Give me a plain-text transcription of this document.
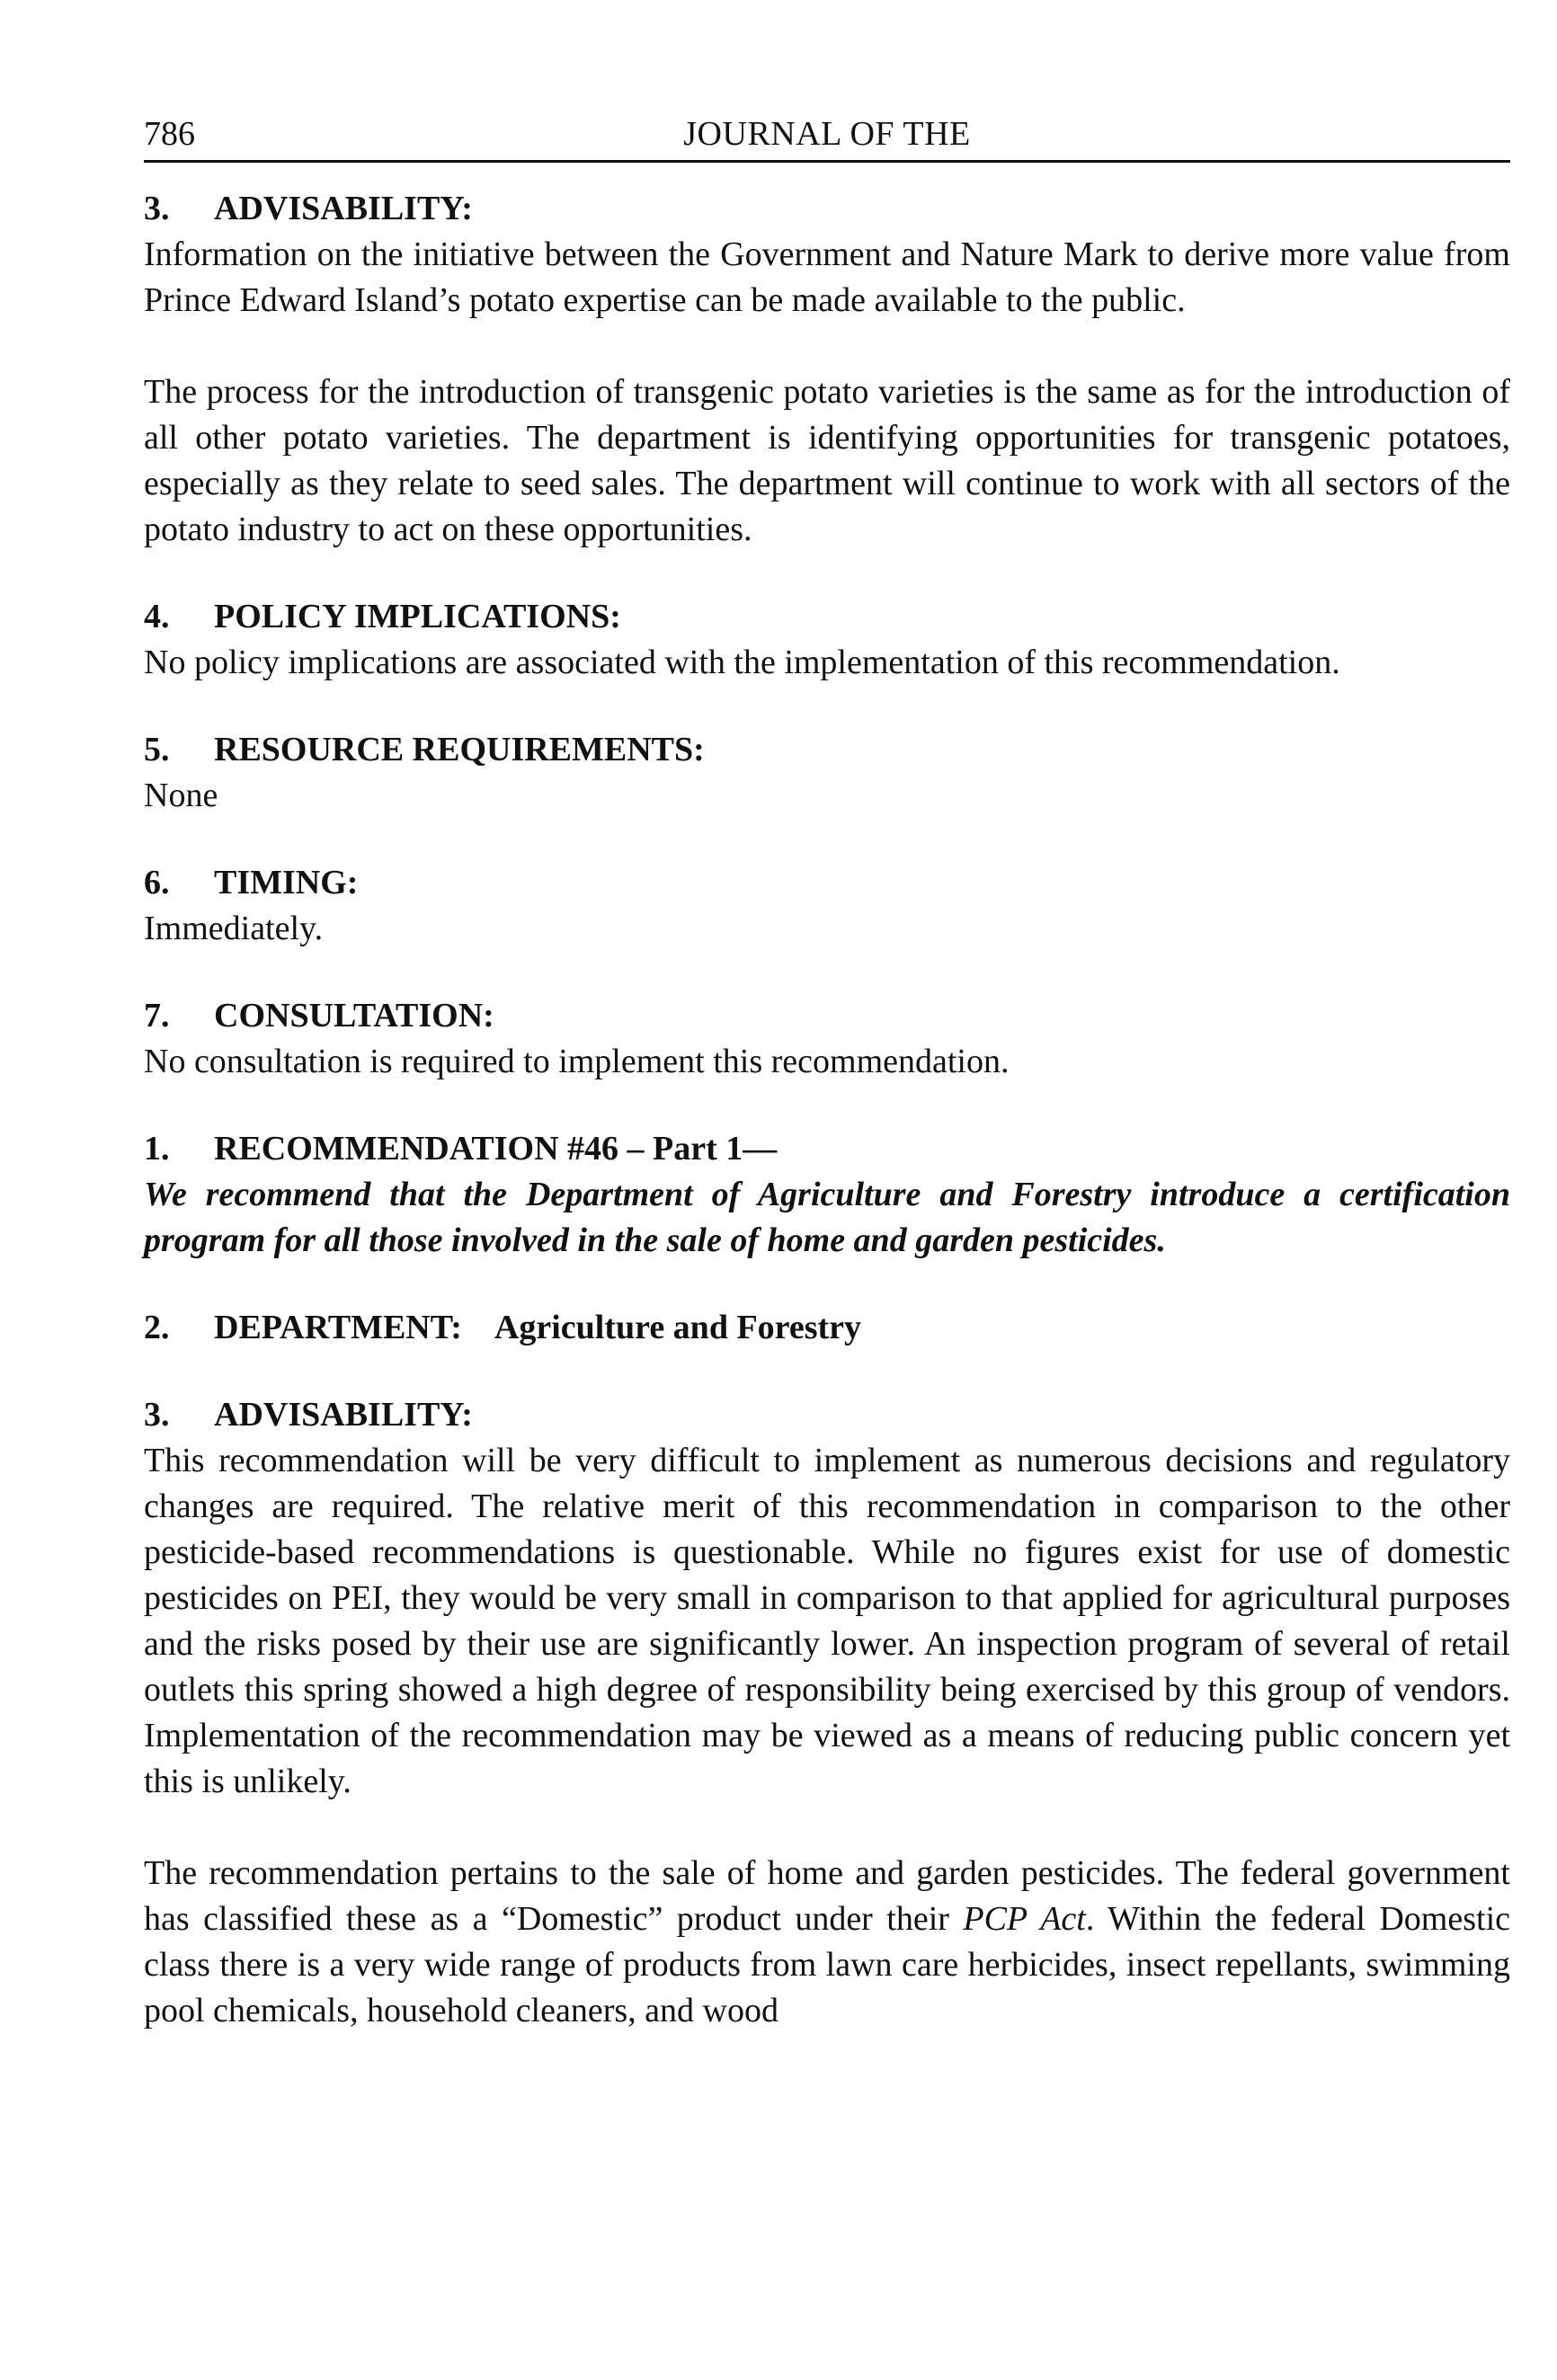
786	JOURNAL OF THE
3. ADVISABILITY:

Information on the initiative between the Government and Nature Mark to derive more value from Prince Edward Island’s potato expertise can be made available to the public.

The process for the introduction of transgenic potato varieties is the same as for the introduction of all other potato varieties. The department is identifying opportunities for transgenic potatoes, especially as they relate to seed sales. The department will continue to work with all sectors of the potato industry to act on these opportunities.

4. POLICY IMPLICATIONS:

No policy implications are associated with the implementation of this recommendation.

5. RESOURCE REQUIREMENTS:

None

6. TIMING:

Immediately.

7. CONSULTATION:

No consultation is required to implement this recommendation.

1. RECOMMENDATION #46 – Part 1—

We recommend that the Department of Agriculture and Forestry introduce a certification program for all those involved in the sale of home and garden pesticides.

2. DEPARTMENT: Agriculture and Forestry
3. ADVISABILITY:

This recommendation will be very difficult to implement as numerous decisions and regulatory changes are required. The relative merit of this recommendation in comparison to the other pesticide-based recommendations is questionable. While no figures exist for use of domestic pesticides on PEI, they would be very small in comparison to that applied for agricultural purposes and the risks posed by their use are significantly lower. An inspection program of several of retail outlets this spring showed a high degree of responsibility being exercised by this group of vendors. Implementation of the recommendation may be viewed as a means of reducing public concern yet this is unlikely.

The recommendation pertains to the sale of home and garden pesticides. The federal government has classified these as a “Domestic” product under their PCP Act. Within the federal Domestic class there is a very wide range of products from lawn care herbicides, insect repellants, swimming pool chemicals, household cleaners, and wood
